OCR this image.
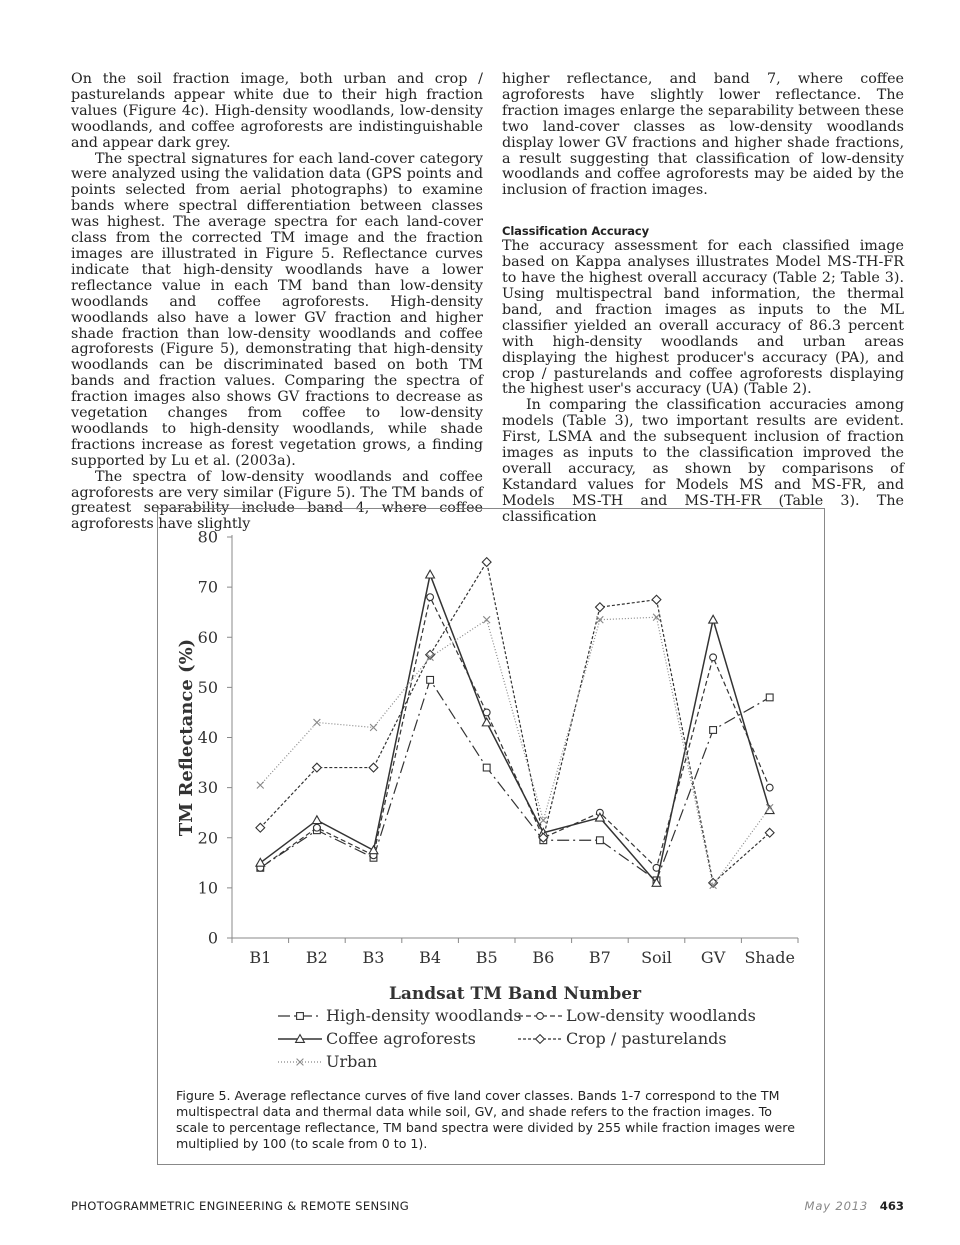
On the soil fraction image, both urban and crop / pasturelands appear white due to their high fraction values (Figure 4c). High-density woodlands, low-density woodlands, and coffee agroforests are indistinguishable and appear dark grey.

The spectral signatures for each land-cover category were analyzed using the validation data (GPS points and points selected from aerial photographs) to examine bands where spectral differentiation between classes was highest. The average spectra for each land-cover class from the corrected TM image and the fraction images are illustrated in Figure 5. Reflectance curves indicate that high-density woodlands have a lower reflectance value in each TM band than low-density woodlands and coffee agroforests. High-density woodlands also have a lower GV fraction and higher shade fraction than low-density woodlands and coffee agroforests (Figure 5), demonstrating that high-density woodlands can be discriminated based on both TM bands and fraction values. Comparing the spectra of fraction images also shows GV fractions to decrease as vegetation changes from coffee to low-density woodlands to high-density woodlands, while shade fractions increase as forest vegetation grows, a finding supported by Lu et al. (2003a).

The spectra of low-density woodlands and coffee agroforests are very similar (Figure 5). The TM bands of greatest separability include band 4, where coffee agroforests have slightly

higher reflectance, and band 7, where coffee agroforests have slightly lower reflectance. The fraction images enlarge the separability between these two land-cover classes as low-density woodlands display lower GV fractions and higher shade fractions, a result suggesting that classification of low-density woodlands and coffee agroforests may be aided by the inclusion of fraction images.

Classification Accuracy

The accuracy assessment for each classified image based on Kappa analyses illustrates Model MS-TH-FR to have the highest overall accuracy (Table 2; Table 3). Using multispectral band information, the thermal band, and fraction images as inputs to the ML classifier yielded an overall accuracy of 86.3 percent with high-density woodlands and urban areas displaying the highest producer's accuracy (PA), and crop / pasturelands and coffee agroforests displaying the highest user's accuracy (UA) (Table 2).

In comparing the classification accuracies among models (Table 3), two important results are evident. First, LSMA and the subsequent inclusion of fraction images as inputs to the classification improved the overall accuracy, as shown by comparisons of Kstandard values for Models MS and MS-FR, and Models MS-TH and MS-TH-FR (Table 3). The classification

0
10
20
30
40
50
60
70
80
B1 B2 B3 B4 B5 B6 B7 Soil GV Shade
TM Reflectance (%)
Landsat TM Band Number
High-density woodlands	Low-density woodlands
Coffee agroforests	Crop / pasturelands
Urban
Figure 5. Average reflectance curves of five land cover classes. Bands 1-7 correspond to the TM multispectral data and thermal data while soil, GV, and shade refers to the fraction images. To scale to percentage reflectance, TM band spectra were divided by 255 while fraction images were multiplied by 100 (to scale from 0 to 1).
PHOTOGRAMMETRIC ENGINEERING & REMOTE SENSING	May 2013 463
